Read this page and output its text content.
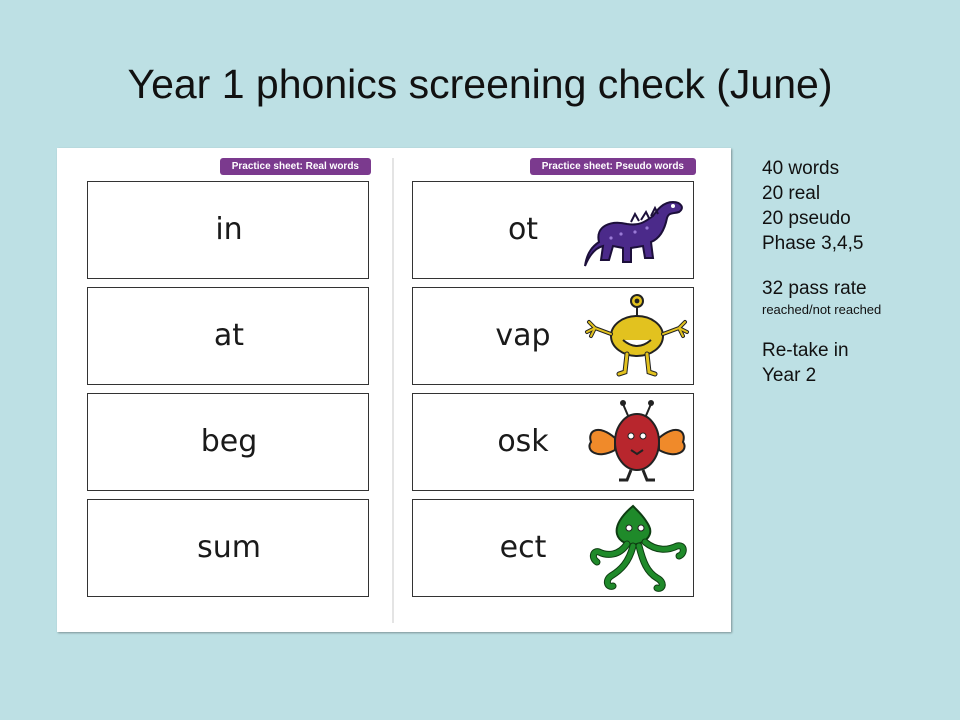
Year 1 phonics screening check (June)
Practice sheet: Real words
in
at
beg
sum
Practice sheet: Pseudo words
ot
vap
osk
ect
40 words
20 real
20 pseudo
Phase 3,4,5
32 pass rate
reached/not reached
Re-take in
Year 2
